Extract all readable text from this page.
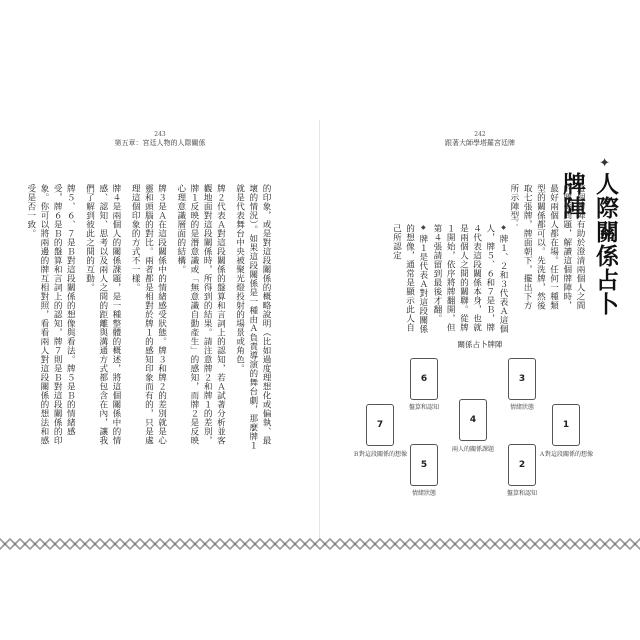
243
第五章：宮廷人物的人際關係

的印象，或是對這段關係的概略說明（比如過度理想化或偏執、最壞的情況）。如果這段關係是一種由Ａ負責導演的舞台劇，那麼牌１就是代表舞台中央被聚光燈投射的場景或角色。

牌２代表Ａ對這段關係的盤算和言詞上的認知，若Ａ試著分析並客觀地面對這段關係時，所得到的結果。請注意牌２和牌１的差別，牌１反映的是潛意識或「無意識自動產生」的感知，而牌２是反映心理意識層面的結構。

牌３是Ａ在這段關係中的情緒感受狀態。牌３和牌２的差別就是心靈和頭腦的對比。兩者都是相對於牌１的感知印象而有的，只是處理這個印象的方式不一樣。

牌４是兩個人的關係課題，是一種整體的概述，將這個關係中的情感、認知、思考以及兩人之間的距離與溝通方式都包含在內，讓我們了解到彼此之間的互動。

牌５、６、７是Ｂ對這段關係的想像與看法。牌５是Ｂ的情緒感受，牌６是Ｂ的盤算和言詞上的認知，牌７則是Ｂ對這段關係的印象。你可以將兩邊的牌互相對照，看看兩人對這段關係的想法和感受是否一致。

242
跟著大師學塔羅宮廷牌
✦
人際關係占卜牌陣
這個牌陣有助於澄清兩個人之間的關係問題，解讀這個牌陣時，最好兩個人都在場。任何一種類型的關係都可以。先洗牌，然後取七張牌，牌面朝下，擺出下方所示陣型：
◆ 牌１、２和３代表Ａ這個人，牌５、６和７是Ｂ，牌４代表這段關係本身，也就是兩個人之間的關聯。從牌１開始，依序將牌翻開，但第４張請留到最後才翻。
◆ 牌１是代表Ａ對這段關係的想像，通常是顯示此人自己所認定
關係占卜牌陣
6
盤算和認知
3
情緒狀態
7
Ｂ對這段關係的想像
4
兩人的關係課題
1
Ａ對這段關係的想像
5
情緒狀態
2
盤算和認知
